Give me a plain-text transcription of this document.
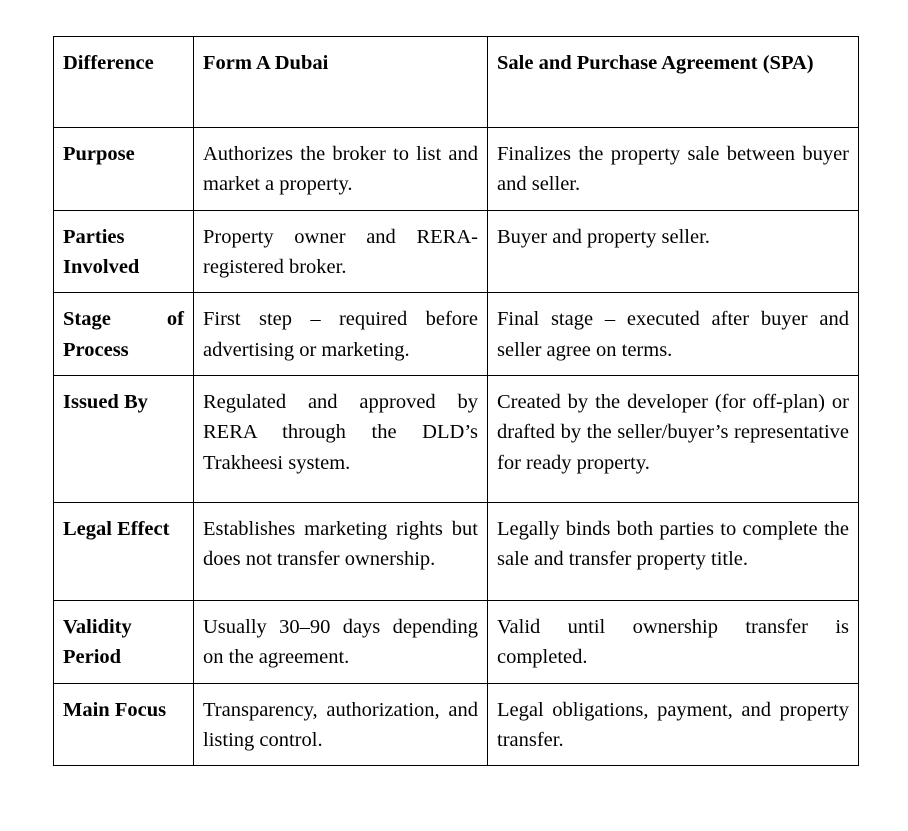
Difference	Form A Dubai	Sale and Purchase Agreement (SPA)

Purpose	Authorizes the broker to list and market a property.	Finalizes the property sale between buyer and seller.

Parties Involved	Property owner and RERA-registered broker.	Buyer and property seller.

Stage of Process	First step – required before advertising or marketing.	Final stage – executed after buyer and seller agree on terms.

Issued By	Regulated and approved by RERA through the DLD’s Trakheesi system.	Created by the developer (for off-plan) or drafted by the seller/buyer’s representative for ready property.

Legal Effect	Establishes marketing rights but does not transfer ownership.	Legally binds both parties to complete the sale and transfer property title.

Validity Period	Usually 30–90 days depending on the agreement.	Valid until ownership transfer is completed.

Main Focus	Transparency, authorization, and listing control.	Legal obligations, payment, and property transfer.
